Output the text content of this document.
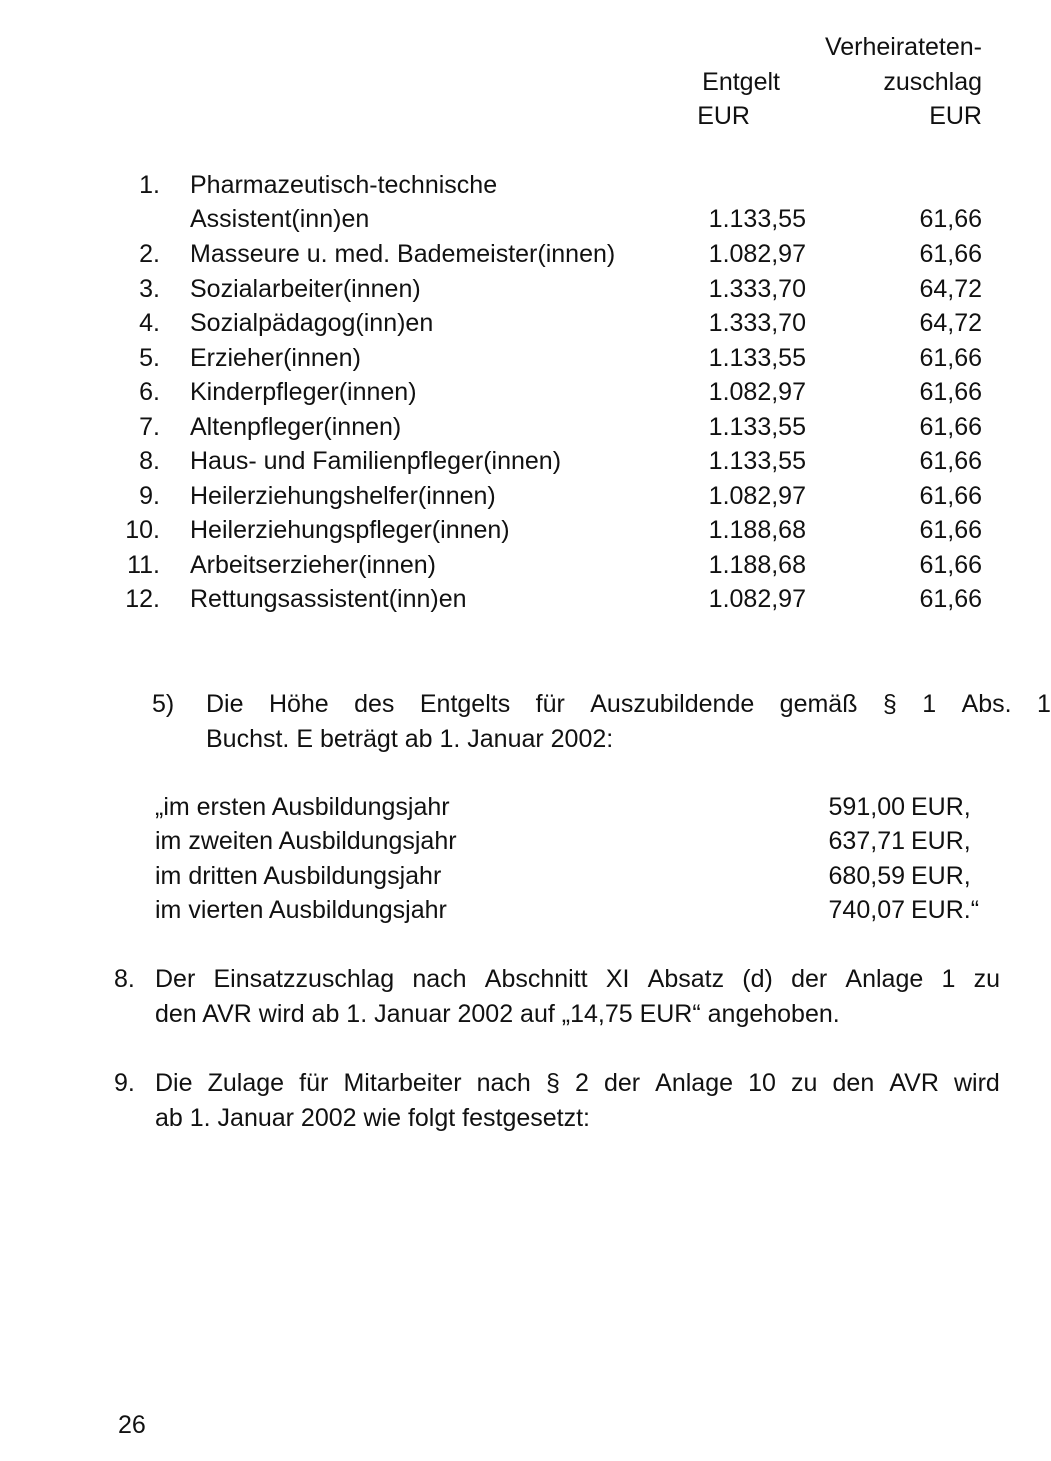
Verheirateten-
Entgelt	zuschlag
EUR	EUR
1. Pharmazeutisch-technische
Assistent(inn)en	1.133,55	61,66
2. Masseure u. med. Bademeister(innen)	1.082,97	61,66
3. Sozialarbeiter(innen)	1.333,70	64,72
4. Sozialpädagog(inn)en	1.333,70	64,72
5. Erzieher(innen)	1.133,55	61,66
6. Kinderpfleger(innen)	1.082,97	61,66
7. Altenpfleger(innen)	1.133,55	61,66
8. Haus- und Familienpfleger(innen)	1.133,55	61,66
9. Heilerziehungshelfer(innen)	1.082,97	61,66
10. Heilerziehungspfleger(innen)	1.188,68	61,66
11. Arbeitserzieher(innen)	1.188,68	61,66
12. Rettungsassistent(inn)en	1.082,97	61,66
5) Die Höhe des Entgelts für Auszubildende gemäß § 1 Abs. 1
Buchst. E beträgt ab 1. Januar 2002:
„im ersten Ausbildungsjahr	591,00 EUR,
im zweiten Ausbildungsjahr	637,71 EUR,
im dritten Ausbildungsjahr	680,59 EUR,
im vierten Ausbildungsjahr	740,07 EUR.“
8. Der Einsatzzuschlag nach Abschnitt XI Absatz (d) der Anlage 1 zu
den AVR wird ab 1. Januar 2002 auf „14,75 EUR“ angehoben.
9. Die Zulage für Mitarbeiter nach § 2 der Anlage 10 zu den AVR wird
ab 1. Januar 2002 wie folgt festgesetzt:
26
